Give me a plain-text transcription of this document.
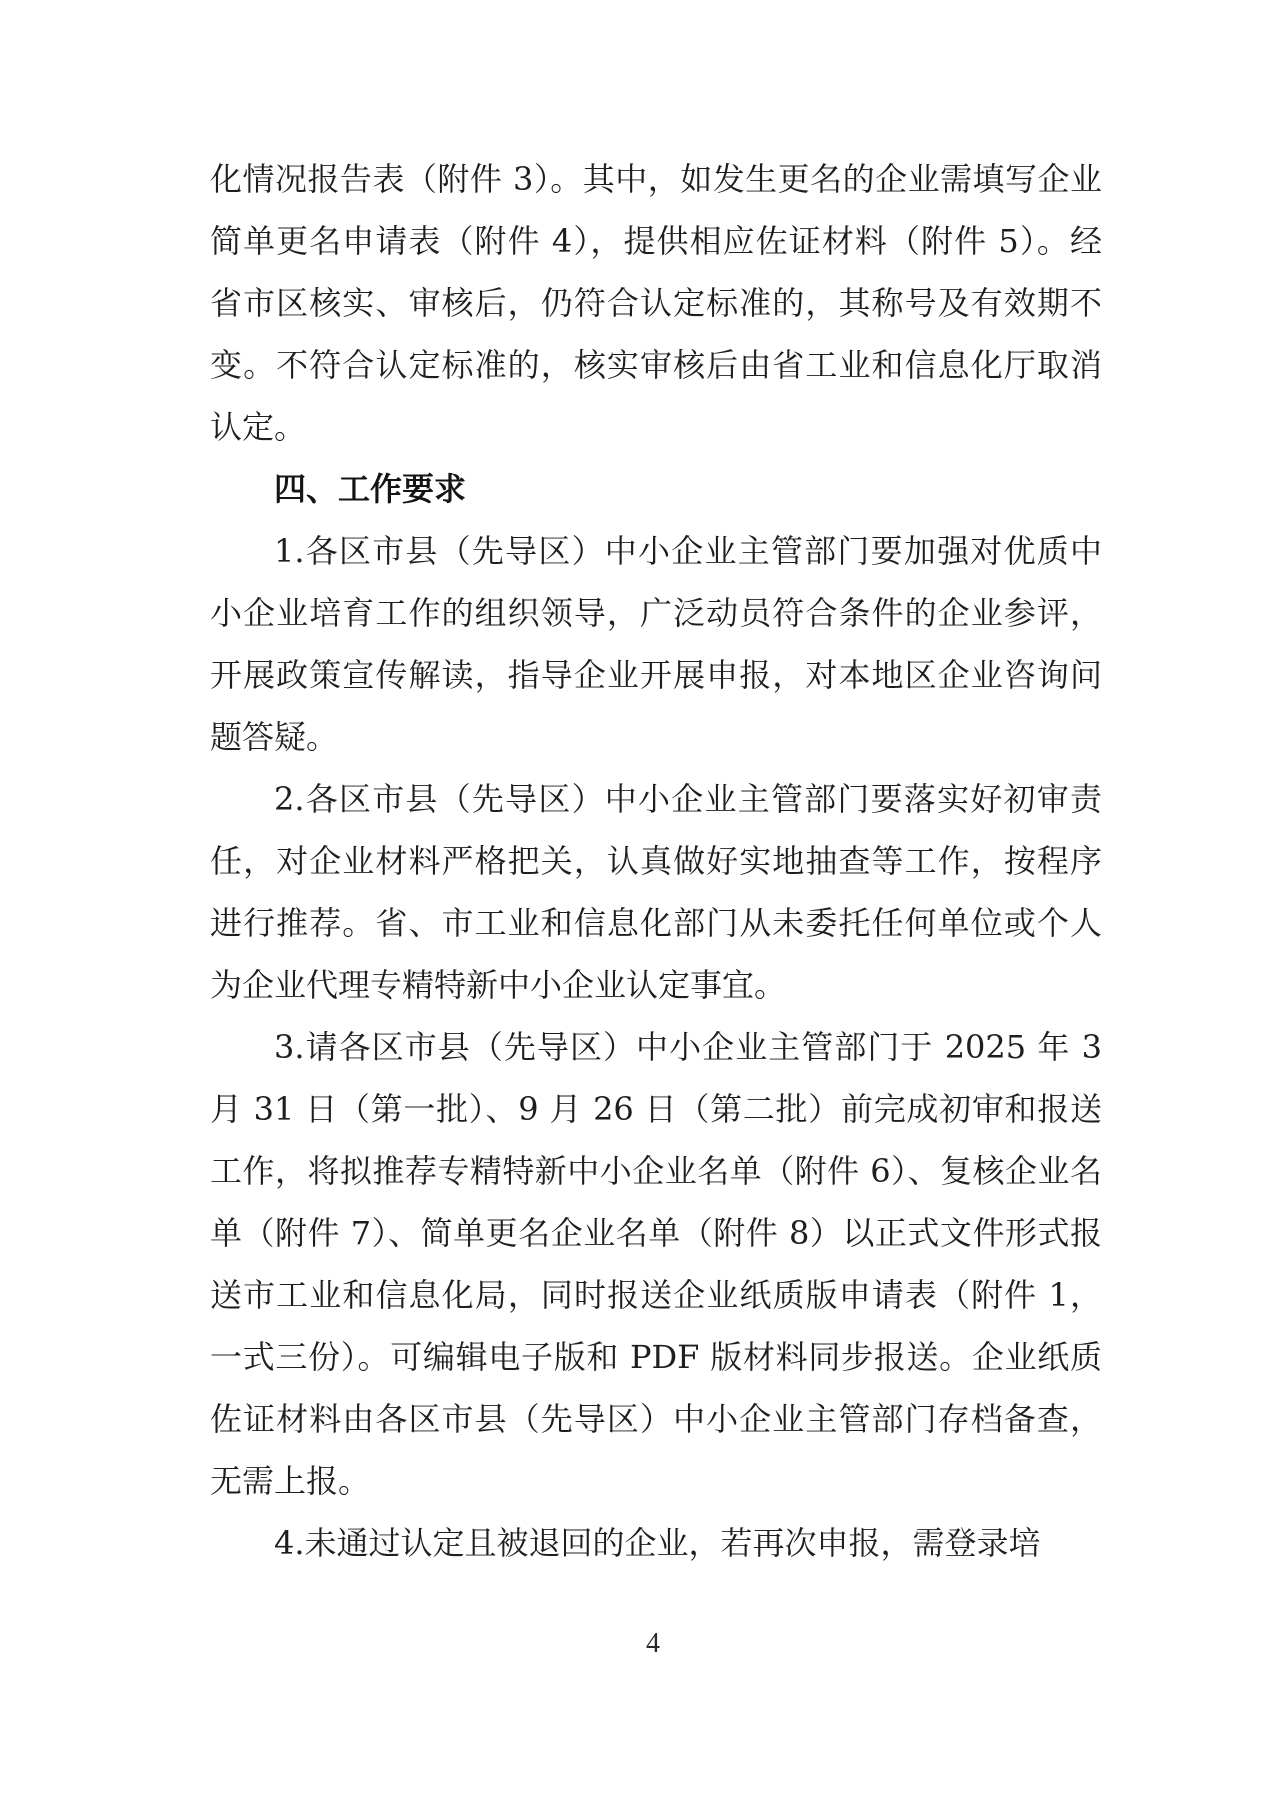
化情况报告表（附件 3）。其中，如发生更名的企业需填写企业简单更名申请表（附件 4），提供相应佐证材料（附件 5）。经省市区核实、审核后，仍符合认定标准的，其称号及有效期不变。不符合认定标准的，核实审核后由省工业和信息化厅取消认定。

四、工作要求

1.各区市县（先导区）中小企业主管部门要加强对优质中小企业培育工作的组织领导，广泛动员符合条件的企业参评，开展政策宣传解读，指导企业开展申报，对本地区企业咨询问题答疑。

2.各区市县（先导区）中小企业主管部门要落实好初审责任，对企业材料严格把关，认真做好实地抽查等工作，按程序进行推荐。省、市工业和信息化部门从未委托任何单位或个人为企业代理专精特新中小企业认定事宜。

3.请各区市县（先导区）中小企业主管部门于 2025 年 3 月 31 日（第一批）、9 月 26 日（第二批）前完成初审和报送工作，将拟推荐专精特新中小企业名单（附件 6）、复核企业名单（附件 7）、简单更名企业名单（附件 8）以正式文件形式报送市工业和信息化局，同时报送企业纸质版申请表（附件 1，一式三份）。可编辑电子版和 PDF 版材料同步报送。企业纸质佐证材料由各区市县（先导区）中小企业主管部门存档备查，无需上报。

4.未通过认定且被退回的企业，若再次申报，需登录培

4
